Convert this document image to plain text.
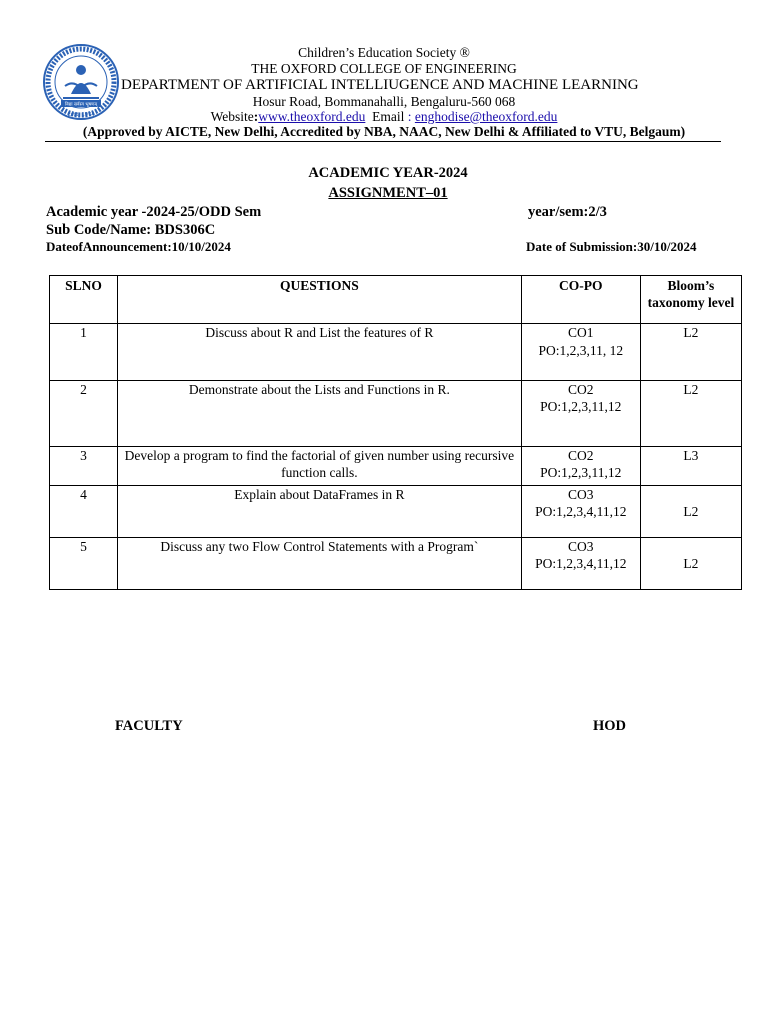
विद्या सर्वस्य भूषणम्
Estd. 1974
Children’s Education Society ®
THE OXFORD COLLEGE OF ENGINEERING
DEPARTMENT OF ARTIFICIAL INTELLIUGENCE AND MACHINE LEARNING
Hosur Road, Bommanahalli, Bengaluru-560 068
Website:www.theoxford.edu Email : enghodise@theoxford.edu
(Approved by AICTE, New Delhi, Accredited by NBA, NAAC, New Delhi & Affiliated to VTU, Belgaum)
ACADEMIC YEAR-2024
ASSIGNMENT–01
Academic year -2024-25/ODD Sem	year/sem:2/3
Sub Code/Name: BDS306C
DateofAnnouncement:10/10/2024	Date of Submission:30/10/2024
SLNO	QUESTIONS	CO-PO	Bloom’s taxonomy level
1	Discuss about R and List the features of R	CO1
PO:1,2,3,11, 12	L2
2	Demonstrate about the Lists and Functions in R.	CO2
PO:1,2,3,11,12	L2
3	Develop a program to find the factorial of given number using recursive function calls.	CO2
PO:1,2,3,11,12	L3
4	Explain about DataFrames in R	CO3
PO:1,2,3,4,11,12	L2

5	Discuss any two Flow Control Statements with a Program`	CO3
PO:1,2,3,4,11,12	L2
FACULTY	HOD
